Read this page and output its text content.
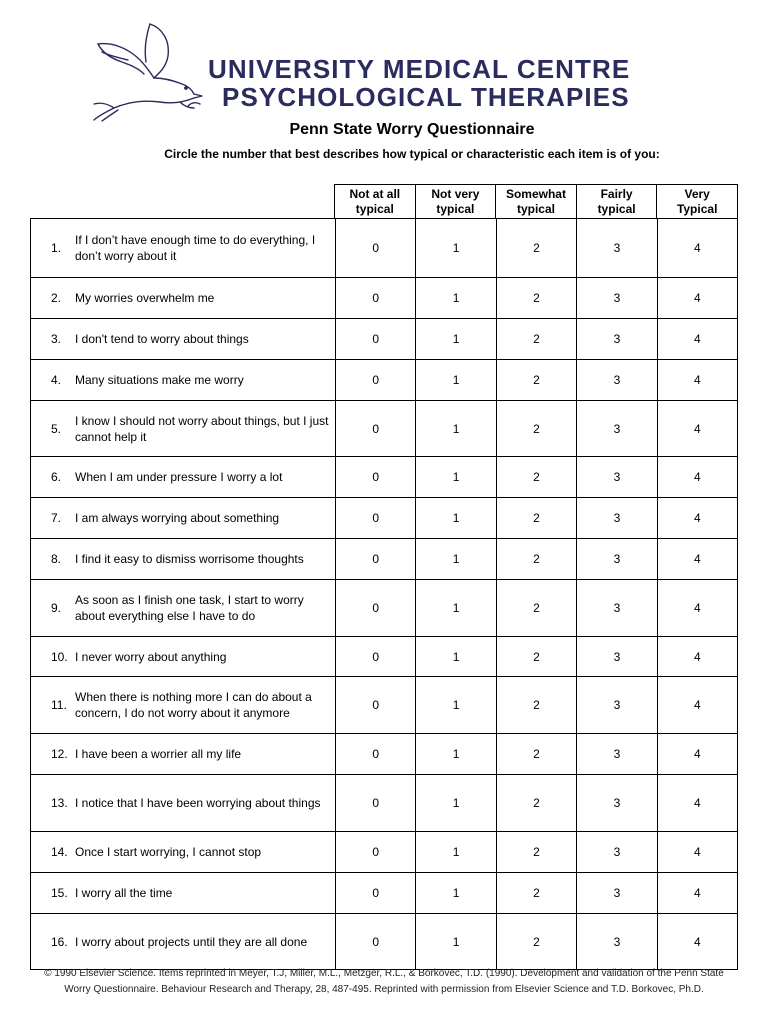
UNIVERSITY MEDICAL CENTRE
PSYCHOLOGICAL THERAPIES
Penn State Worry Questionnaire
Circle the number that best describes how typical or characteristic each item is of you:
Not at all
typical
Not very
typical
Somewhat
typical
Fairly
typical
Very
Typical
1.
If I don’t have enough time to do everything, I don’t worry about it
0	1	2	3	4
2.	My worries overwhelm me	0	1	2	3	4
3.	I don't tend to worry about things	0	1	2	3	4
4.	Many situations make me worry	0	1	2	3	4
5.
I know I should not worry about things, but I just cannot help it
0	1	2	3	4
6.	When I am under pressure I worry a lot	0	1	2	3	4
7.	I am always worrying about something	0	1	2	3	4
8.	I find it easy to dismiss worrisome thoughts	0	1	2	3	4
9.
As soon as I finish one task, I start to worry about everything else I have to do
0	1	2	3	4
10. I never worry about anything	0	1	2	3	4
11.
When there is nothing more I can do about a concern, I do not worry about it anymore
0	1	2	3	4
12. I have been a worrier all my life	0	1	2	3	4
13. I notice that I have been worrying about things	0	1	2	3	4
14. Once I start worrying, I cannot stop	0	1	2	3	4
15. I worry all the time	0	1	2	3	4
16. I worry about projects until they are all done	0	1	2	3	4
© 1990 Elsevier Science. Items reprinted in Meyer, T.J, Miller, M.L., Metzger, R.L., & Borkovec, T.D. (1990). Development and validation of the Penn State Worry Questionnaire. Behaviour Research and Therapy, 28, 487-495. Reprinted with permission from Elsevier Science and T.D. Borkovec, Ph.D.
